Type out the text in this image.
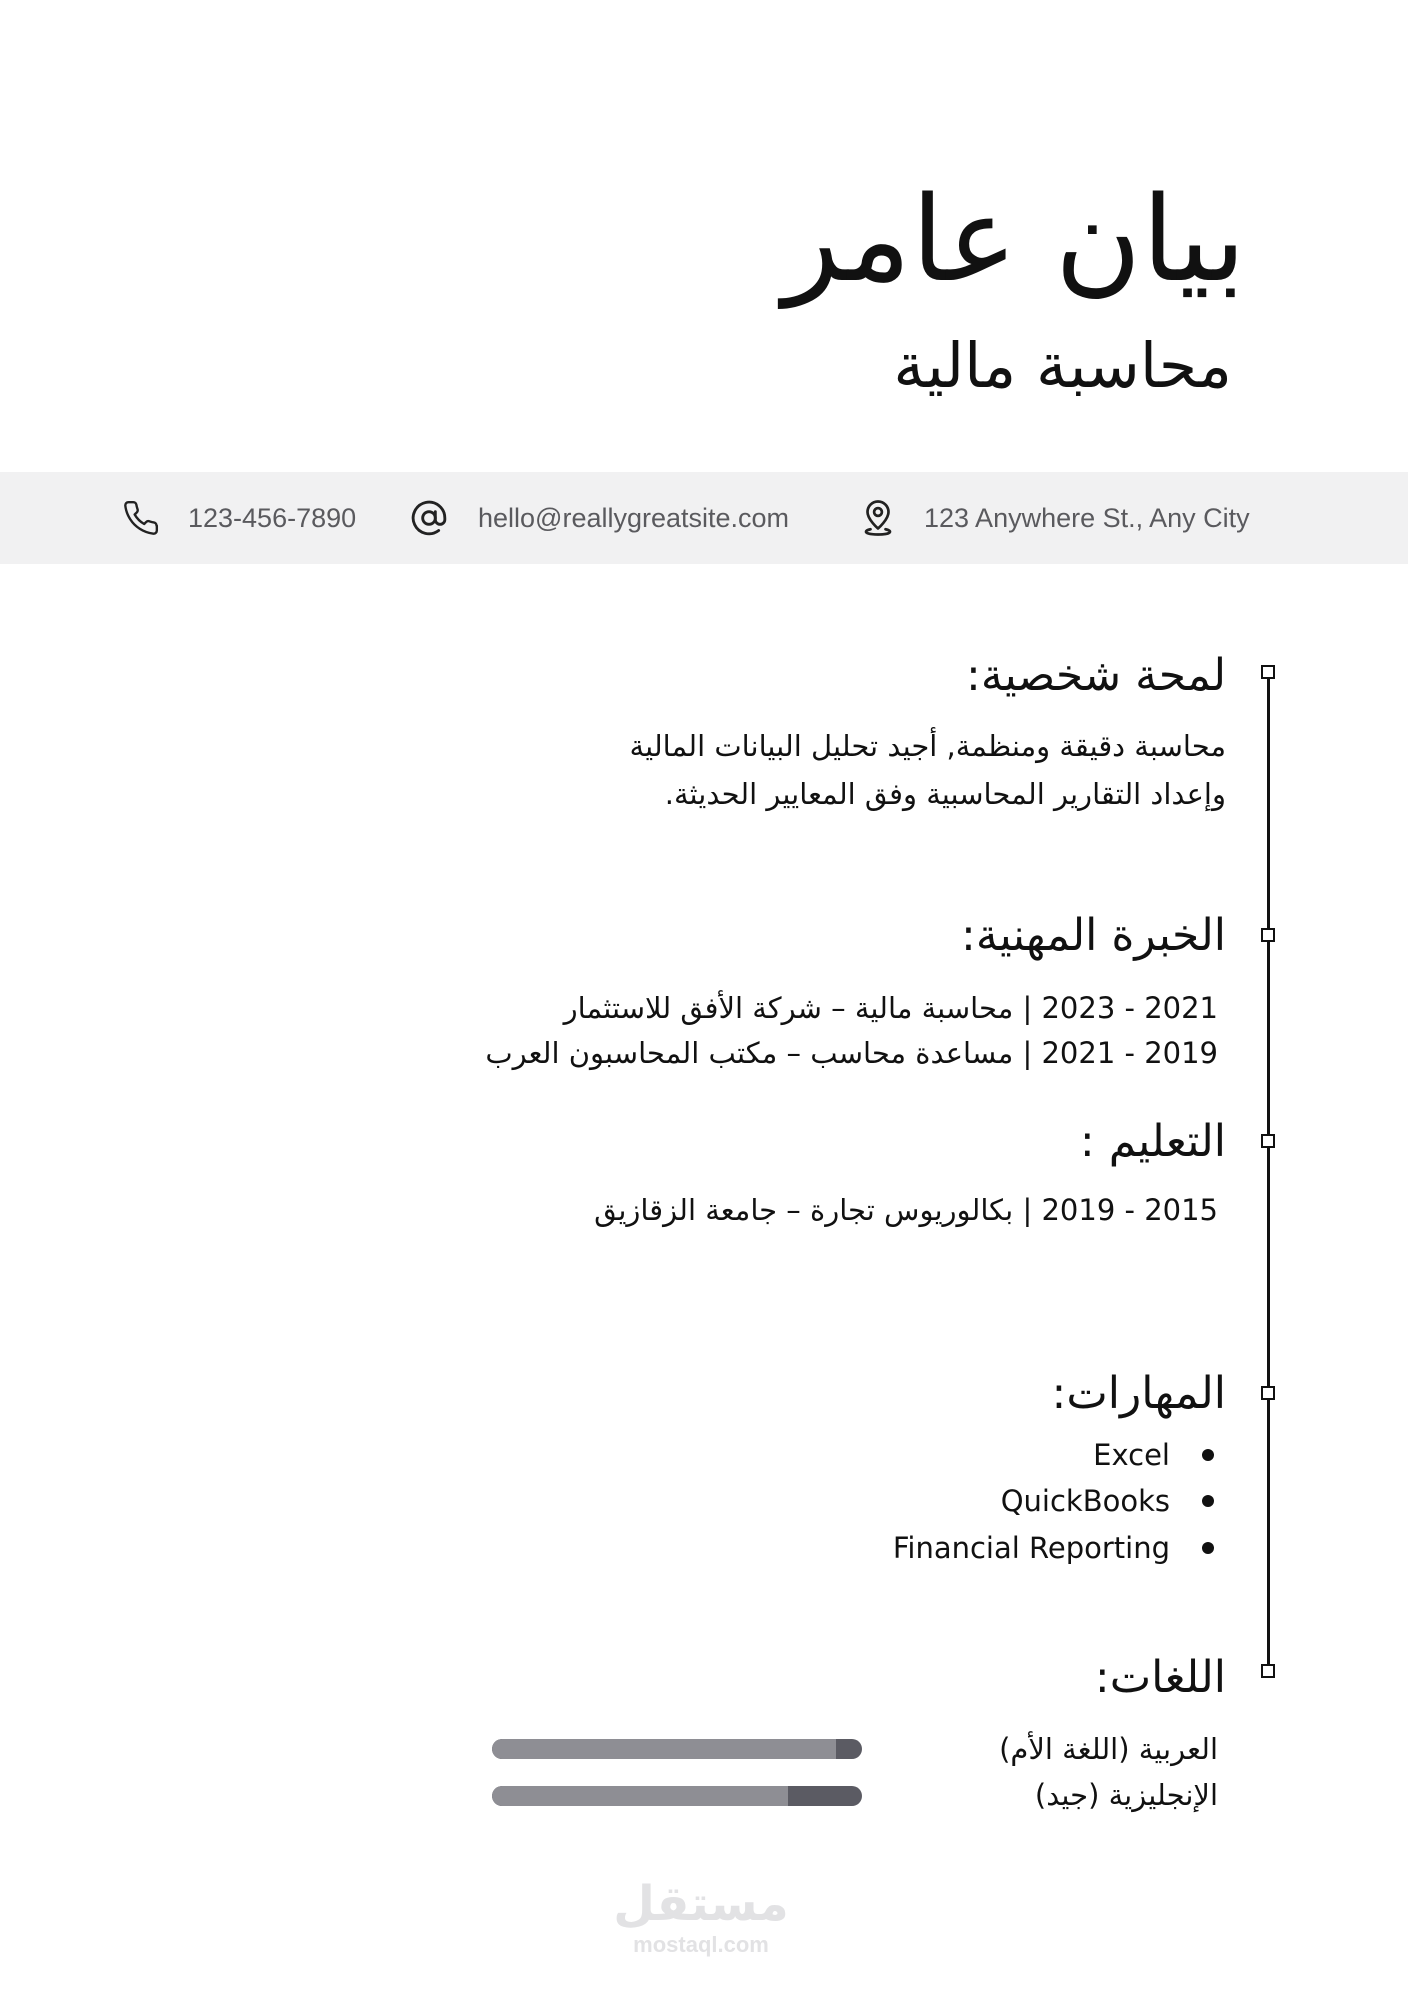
بيان عامر
محاسبة مالية
123-456-7890	hello@reallygreatsite.com	123 Anywhere St., Any City
لمحة شخصية:
محاسبة دقيقة ومنظمة, أجيد تحليل البيانات المالية وإعداد التقارير المحاسبية وفق المعايير الحديثة.
الخبرة المهنية:
2023 - 2021 | محاسبة مالية – شركة الأفق للاستثمار
2021 - 2019 | مساعدة محاسب – مكتب المحاسبون العرب
التعليم :
2019 - 2015 | بكالوريوس تجارة – جامعة الزقازيق
المهارات:
Excel
QuickBooks
Financial Reporting
اللغات:
العربية (اللغة الأم)
الإنجليزية (جيد)
مستقل
mostaql.com
